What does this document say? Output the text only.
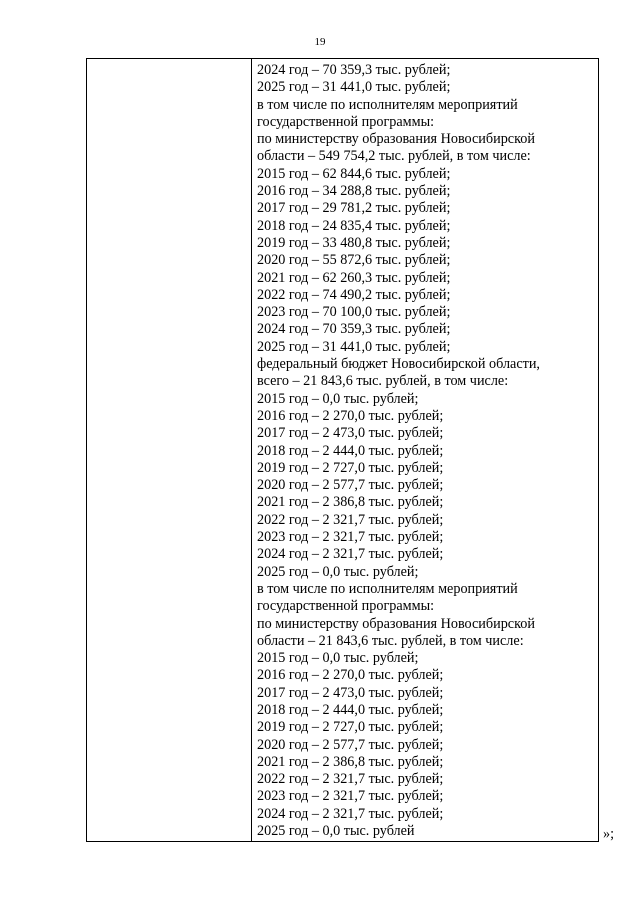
19
2024 год – 70 359,3 тыс. рублей;
2025 год – 31 441,0 тыс. рублей;
в том числе по исполнителям мероприятий
государственной программы:
по министерству образования Новосибирской
области – 549 754,2 тыс. рублей, в том числе:
2015 год – 62 844,6 тыс. рублей;
2016 год – 34 288,8 тыс. рублей;
2017 год – 29 781,2 тыс. рублей;
2018 год – 24 835,4 тыс. рублей;
2019 год – 33 480,8 тыс. рублей;
2020 год – 55 872,6 тыс. рублей;
2021 год – 62 260,3 тыс. рублей;
2022 год – 74 490,2 тыс. рублей;
2023 год – 70 100,0 тыс. рублей;
2024 год – 70 359,3 тыс. рублей;
2025 год – 31 441,0 тыс. рублей;
федеральный бюджет Новосибирской области,
всего – 21 843,6 тыс. рублей, в том числе:
2015 год – 0,0 тыс. рублей;
2016 год – 2 270,0 тыс. рублей;
2017 год – 2 473,0 тыс. рублей;
2018 год – 2 444,0 тыс. рублей;
2019 год – 2 727,0 тыс. рублей;
2020 год – 2 577,7 тыс. рублей;
2021 год – 2 386,8 тыс. рублей;
2022 год – 2 321,7 тыс. рублей;
2023 год – 2 321,7 тыс. рублей;
2024 год – 2 321,7 тыс. рублей;
2025 год – 0,0 тыс. рублей;
в том числе по исполнителям мероприятий
государственной программы:
по министерству образования Новосибирской
области – 21 843,6 тыс. рублей, в том числе:
2015 год – 0,0 тыс. рублей;
2016 год – 2 270,0 тыс. рублей;
2017 год – 2 473,0 тыс. рублей;
2018 год – 2 444,0 тыс. рублей;
2019 год – 2 727,0 тыс. рублей;
2020 год – 2 577,7 тыс. рублей;
2021 год – 2 386,8 тыс. рублей;
2022 год – 2 321,7 тыс. рублей;
2023 год – 2 321,7 тыс. рублей;
2024 год – 2 321,7 тыс. рублей;
2025 год – 0,0 тыс. рублей	»;
